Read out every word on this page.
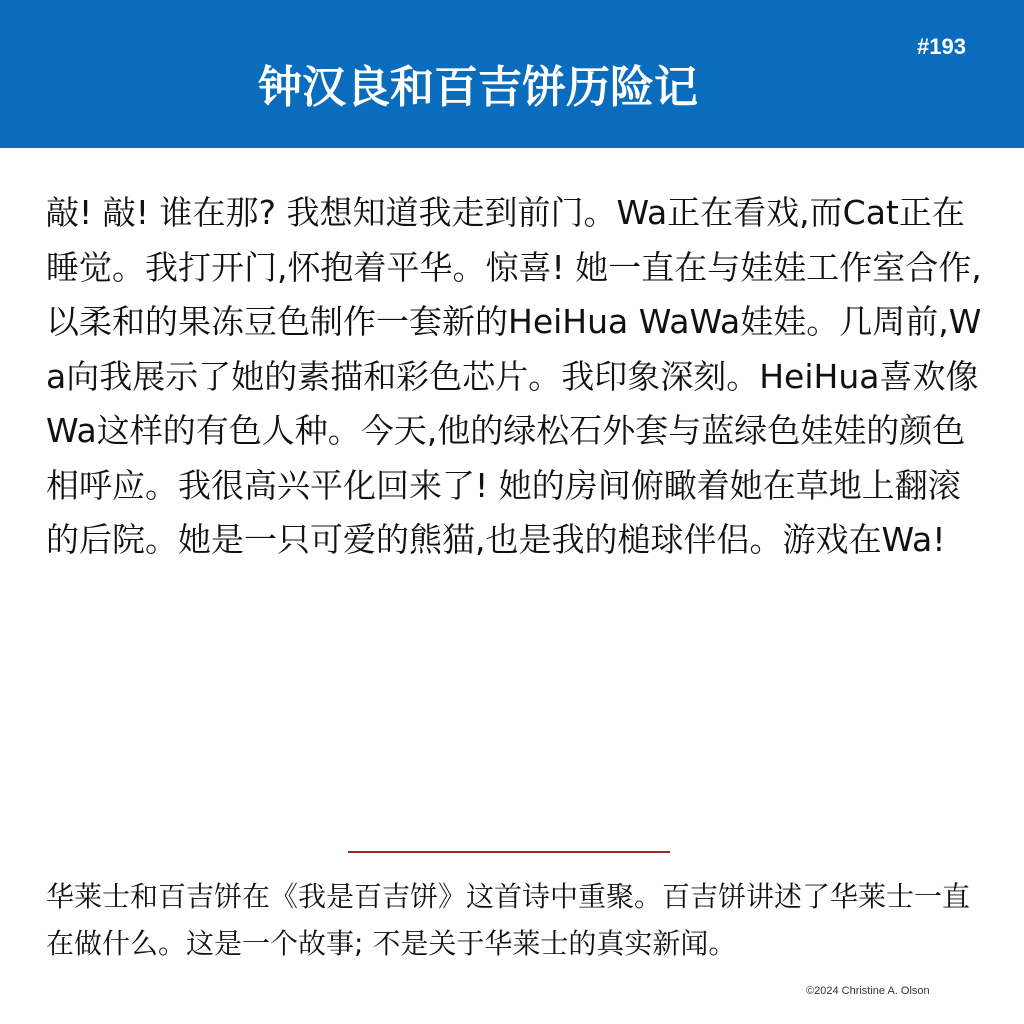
钟汉良和百吉饼历险记
#193

敲! 敲! 谁在那? 我想知道我走到前门。Wa正在看戏,而Cat正在睡觉。我打开门,怀抱着平华。惊喜! 她一直在与娃娃工作室合作,以柔和的果冻豆色制作一套新的HeiHua WaWa娃娃。几周前,Wa向我展示了她的素描和彩色芯片。我印象深刻。HeiHua喜欢像Wa这样的有色人种。今天,他的绿松石外套与蓝绿色娃娃的颜色相呼应。我很高兴平化回来了! 她的房间俯瞰着她在草地上翻滚的后院。她是一只可爱的熊猫,也是我的槌球伴侣。游戏在Wa!

华莱士和百吉饼在《我是百吉饼》这首诗中重聚。百吉饼讲述了华莱士一直在做什么。这是一个故事; 不是关于华莱士的真实新闻。

©2024 Christine A. Olson
